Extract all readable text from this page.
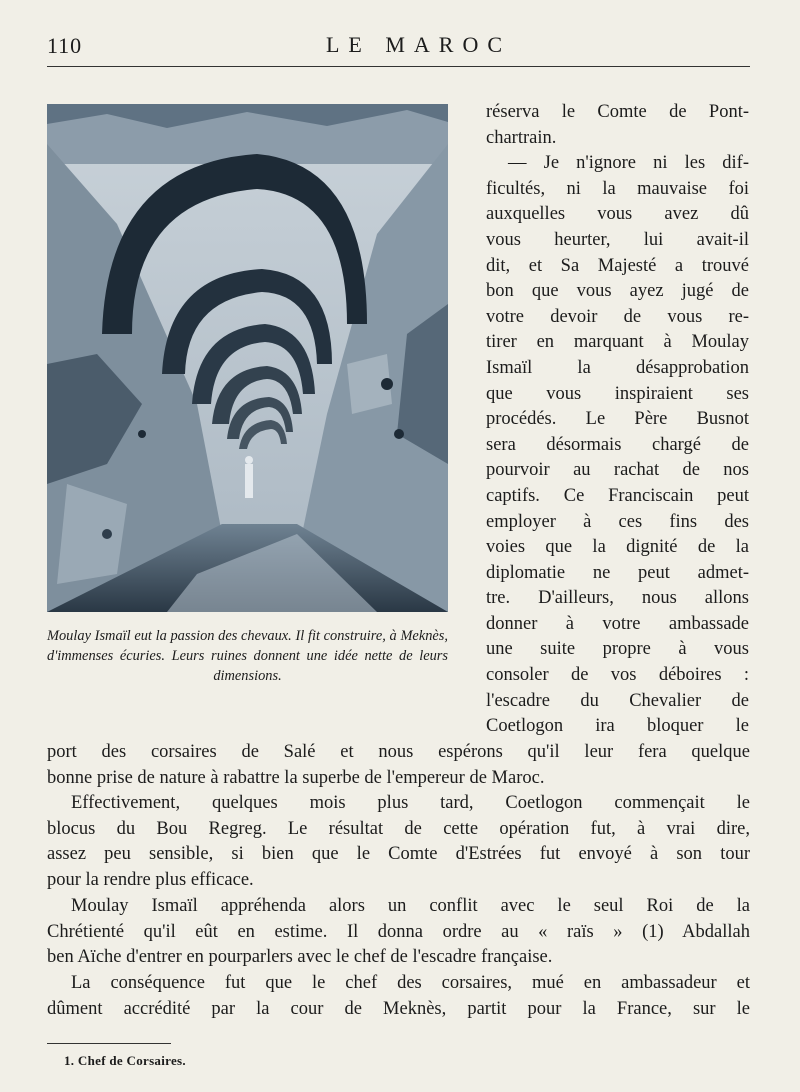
110	LE MAROC
Moulay Ismaïl eut la passion des chevaux. Il fit construire, à Meknès, d'immenses écuries. Leurs ruines donnent une idée nette de leurs dimensions.
réserva le Comte de Pont-
chartrain.
— Je n'ignore ni les dif-
ficultés, ni la mauvaise foi
auxquelles vous avez dû
vous heurter, lui avait-il
dit, et Sa Majesté a trouvé
bon que vous ayez jugé de
votre devoir de vous re-
tirer en marquant à Moulay
Ismaïl la désapprobation
que vous inspiraient ses
procédés. Le Père Busnot
sera désormais chargé de
pourvoir au rachat de nos
captifs. Ce Franciscain peut
employer à ces fins des
voies que la dignité de la
diplomatie ne peut admet-
tre. D'ailleurs, nous allons
donner à votre ambassade
une suite propre à vous
consoler de vos déboires :
l'escadre du Chevalier de
Coetlogon ira bloquer le
port des corsaires de Salé et nous espérons qu'il leur fera quelque
bonne prise de nature à rabattre la superbe de l'empereur de Maroc.
Effectivement, quelques mois plus tard, Coetlogon commençait le
blocus du Bou Regreg. Le résultat de cette opération fut, à vrai dire,
assez peu sensible, si bien que le Comte d'Estrées fut envoyé à son tour
pour la rendre plus efficace.
Moulay Ismaïl appréhenda alors un conflit avec le seul Roi de la
Chrétienté qu'il eût en estime. Il donna ordre au « raïs » (1) Abdallah
ben Aïche d'entrer en pourparlers avec le chef de l'escadre française.
La conséquence fut que le chef des corsaires, mué en ambassadeur et
dûment accrédité par la cour de Meknès, partit pour la France, sur le
1. Chef de Corsaires.
